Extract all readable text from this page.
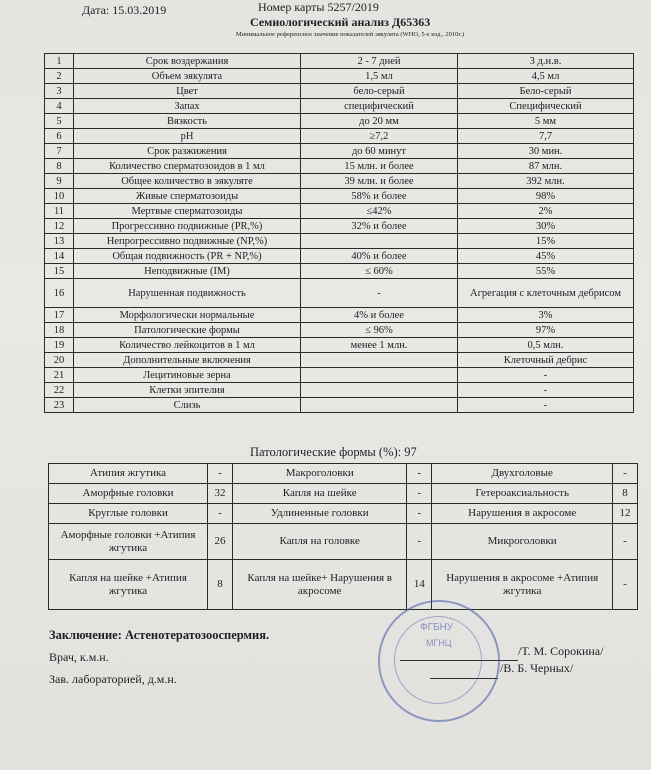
Дата: 15.03.2019	Номер карты 5257/2019
Семиологический анализ Д65363
Минимальное референсное значение показателей эякулята (WHO, 5-е изд., 2010г.)
1	Срок воздержания	2 - 7 дней	3 д.н.в.
2	Объем эякулята	1,5 мл	4,5 мл
3	Цвет	бело-серый	Бело-серый
4	Запах	специфический	Специфический
5	Вязкость	до 20 мм	5 мм
6	pH	≥7,2	7,7
7	Срок разжижения	до 60 минут	30 мин.
8	Количество сперматозоидов в 1 мл	15 млн. и более	87 млн.
9	Общее количество в эякуляте	39 млн. и более	392 млн.
10	Живые сперматозоиды	58% и более	98%
11	Мертвые сперматозоиды	≤42%	2%
12	Прогрессивно подвижные (PR,%)	32% и более	30%
13	Непрогрессивно подвижные (NP,%)		15%
14	Общая подвижность (PR + NP,%)	40% и более	45%
15	Неподвижные (IM)	≤ 60%	55%
16	Нарушенная подвижность	-	Агрегация с клеточным дебрисом
17	Морфологически нормальные	4% и более	3%
18	Патологические формы	≤ 96%	97%
19	Количество лейкоцитов в 1 мл	менее 1 млн.	0,5 млн.
20	Дополнительные включения		Клеточный дебрис
21	Лецитиновые зерна		-
22	Клетки эпителия		-
23	Слизь		-
Патологические формы (%): 97
Атипия жгутика	-	Макроголовки	-	Двухголовые	-
Аморфные головки	32	Капля на шейке	-	Гетероаксиальность	8
Круглые головки	-	Удлиненные головки	-	Нарушения в акросоме	12
Аморфные головки +Атипия жгутика	26	Капля на головке	-	Микроголовки	-
Капля на шейке +Атипия жгутика	8	Капля на шейке+ Нарушения в акросоме	14	Нарушения в акросоме +Атипия жгутика	-
Заключение: Астенотератозооспермия.
Врач, к.м.н.	/Т. М. Сорокина/
Зав. лабораторией, д.м.н.
/В. Б. Черных/
ФГБНУ
МГНЦ
